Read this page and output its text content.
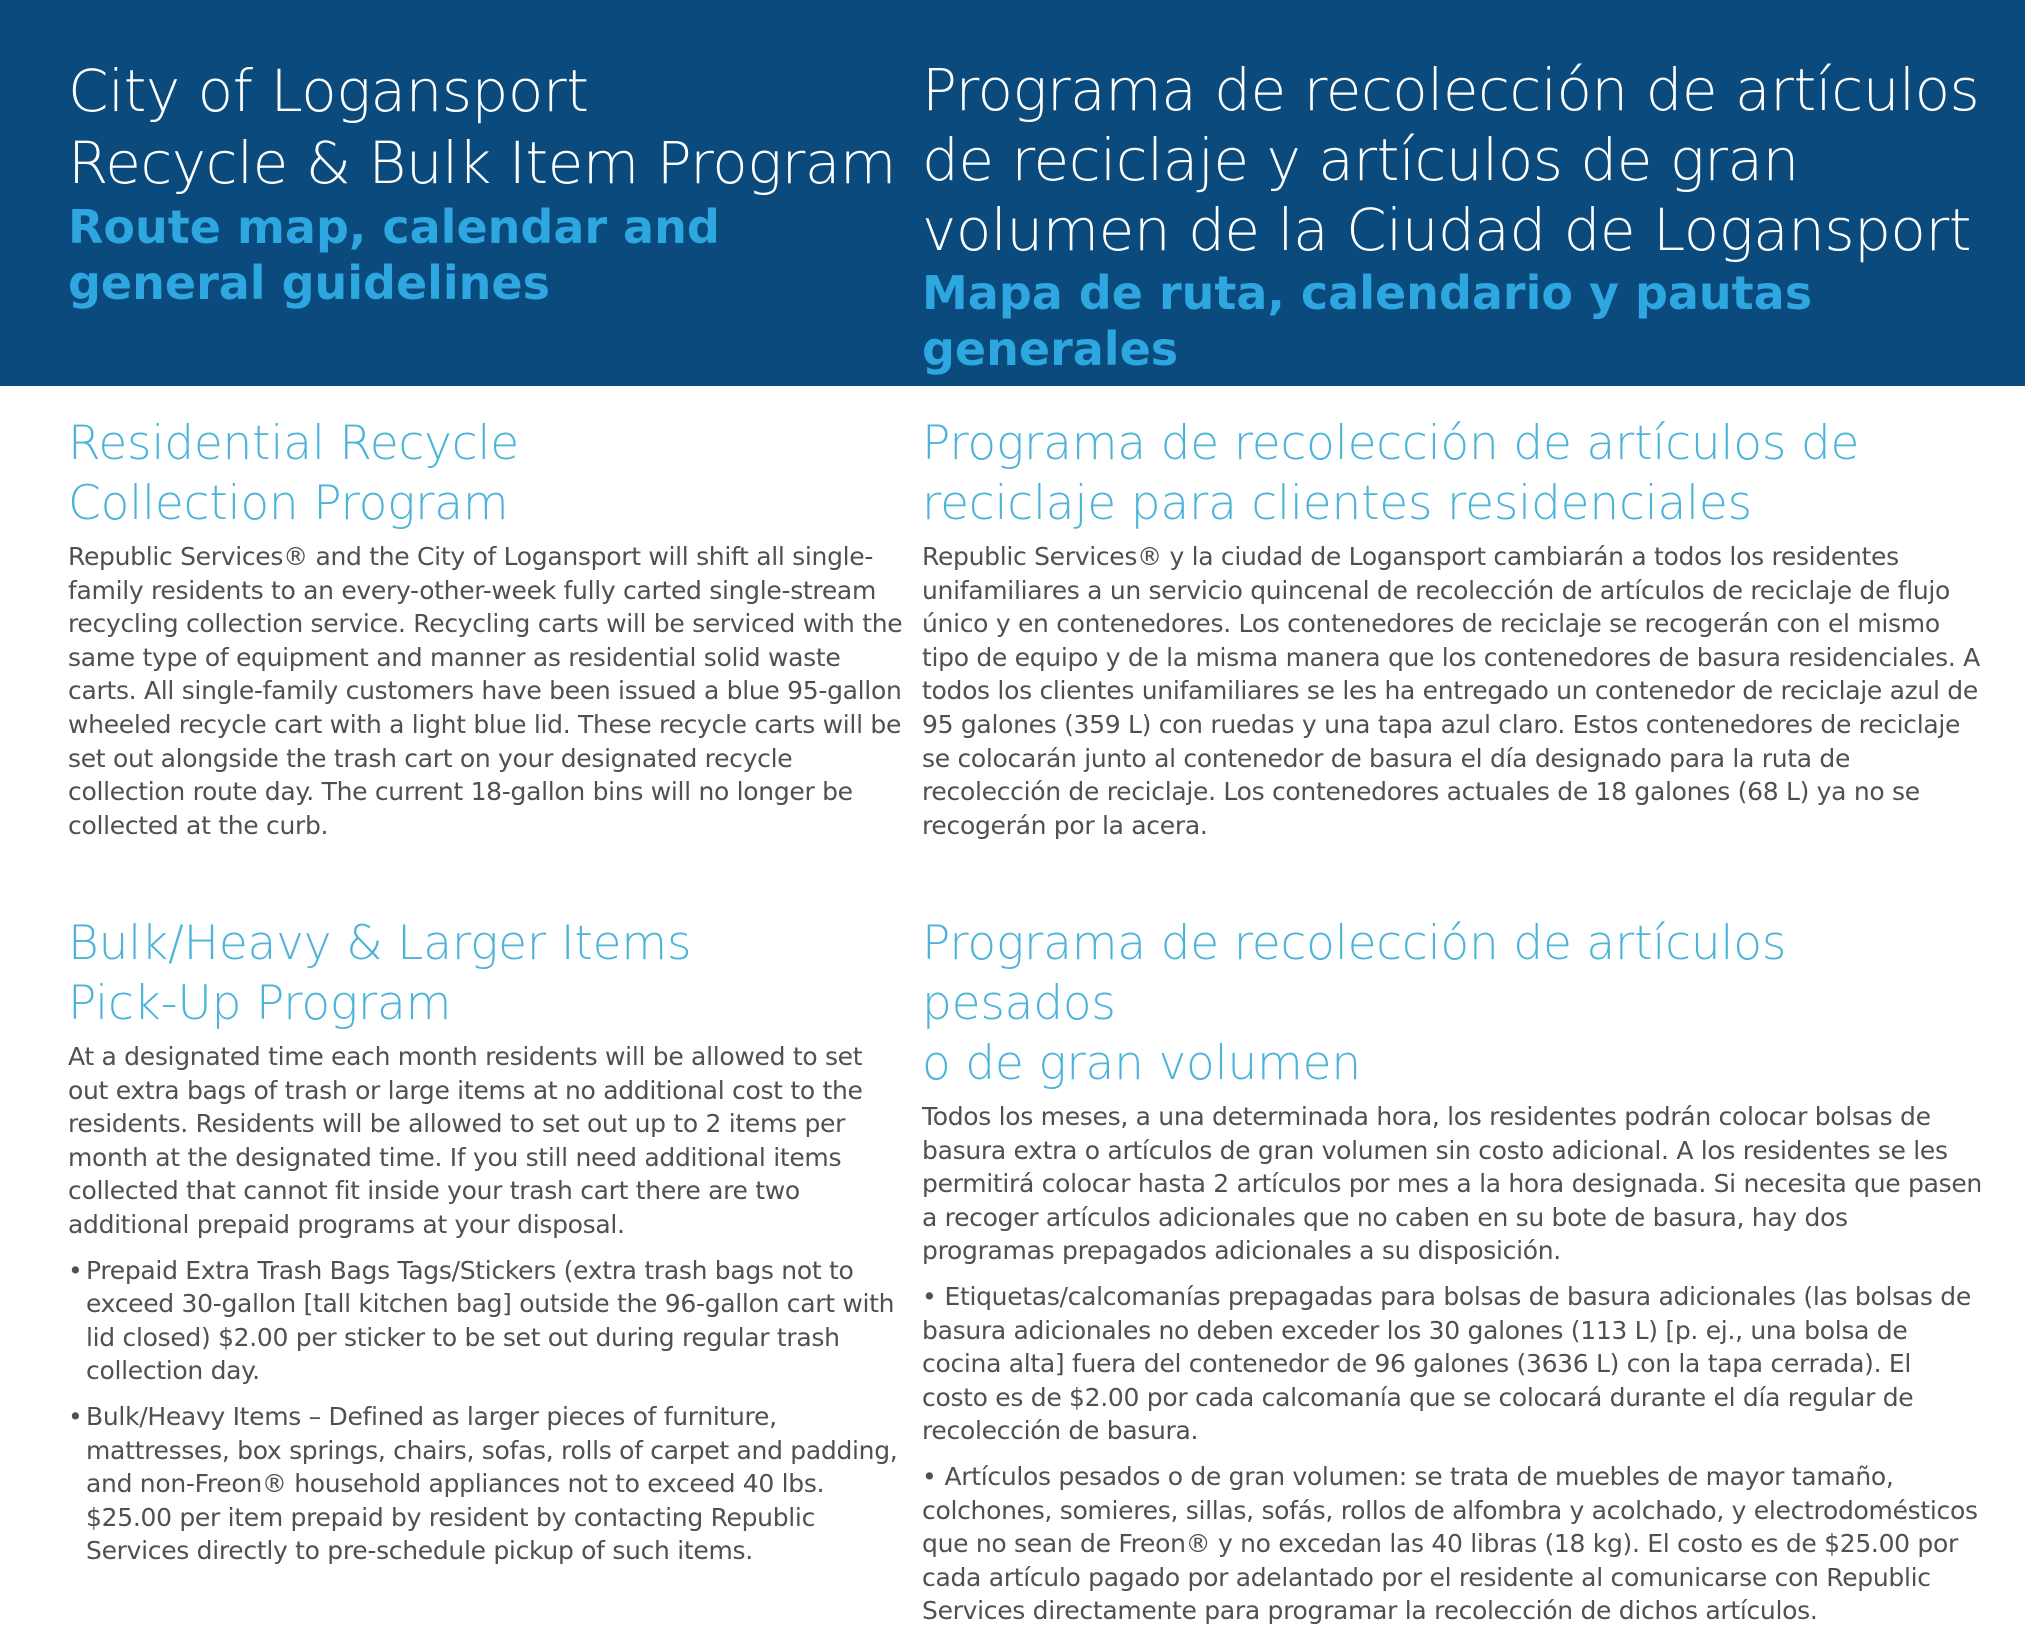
City of Logansport
Recycle & Bulk Item Program
Route map, calendar and
general guidelines
Programa de recolección de artículos
de reciclaje y artículos de gran
volumen de la Ciudad de Logansport
Mapa de ruta, calendario y pautas generales
Residential Recycle
Collection Program
Republic Services® and the City of Logansport will shift all single-family residents to an every-other-week fully carted single-stream recycling collection service. Recycling carts will be serviced with the same type of equipment and manner as residential solid waste carts. All single-family customers have been issued a blue 95-gallon wheeled recycle cart with a light blue lid. These recycle carts will be set out alongside the trash cart on your designated recycle collection route day. The current 18-gallon bins will no longer be collected at the curb.
Programa de recolección de artículos de
reciclaje para clientes residenciales
Republic Services® y la ciudad de Logansport cambiarán a todos los residentes unifamiliares a un servicio quincenal de recolección de artículos de reciclaje de flujo único y en contenedores. Los contenedores de reciclaje se recogerán con el mismo tipo de equipo y de la misma manera que los contenedores de basura residenciales. A todos los clientes unifamiliares se les ha entregado un contenedor de reciclaje azul de 95 galones (359 L) con ruedas y una tapa azul claro. Estos contenedores de reciclaje se colocarán junto al contenedor de basura el día designado para la ruta de recolección de reciclaje. Los contenedores actuales de 18 galones (68 L) ya no se recogerán por la acera.
Bulk/Heavy & Larger Items
Pick-Up Program
At a designated time each month residents will be allowed to set out extra bags of trash or large items at no additional cost to the residents. Residents will be allowed to set out up to 2 items per month at the designated time. If you still need additional items collected that cannot fit inside your trash cart there are two additional prepaid programs at your disposal.
• Prepaid Extra Trash Bags Tags/Stickers (extra trash bags not to exceed 30-gallon [tall kitchen bag] outside the 96-gallon cart with lid closed) $2.00 per sticker to be set out during regular trash collection day.
• Bulk/Heavy Items – Defined as larger pieces of furniture, mattresses, box springs, chairs, sofas, rolls of carpet and padding, and non-Freon® household appliances not to exceed 40 lbs. $25.00 per item prepaid by resident by contacting Republic Services directly to pre-schedule pickup of such items.
Programa de recolección de artículos pesados
o de gran volumen
Todos los meses, a una determinada hora, los residentes podrán colocar bolsas de basura extra o artículos de gran volumen sin costo adicional. A los residentes se les permitirá colocar hasta 2 artículos por mes a la hora designada. Si necesita que pasen a recoger artículos adicionales que no caben en su bote de basura, hay dos programas prepagados adicionales a su disposición.
• Etiquetas/calcomanías prepagadas para bolsas de basura adicionales (las bolsas de basura adicionales no deben exceder los 30 galones (113 L) [p. ej., una bolsa de cocina alta] fuera del contenedor de 96 galones (3636 L) con la tapa cerrada). El costo es de $2.00 por cada calcomanía que se colocará durante el día regular de recolección de basura.
• Artículos pesados o de gran volumen: se trata de muebles de mayor tamaño, colchones, somieres, sillas, sofás, rollos de alfombra y acolchado, y electrodomésticos que no sean de Freon® y no excedan las 40 libras (18 kg). El costo es de $25.00 por cada artículo pagado por adelantado por el residente al comunicarse con Republic Services directamente para programar la recolección de dichos artículos.
